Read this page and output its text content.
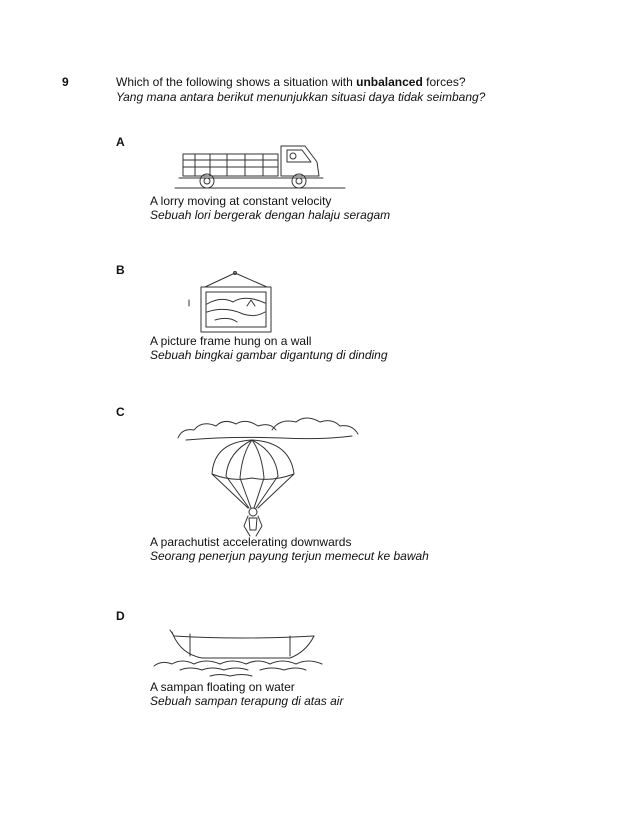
9	Which of the following shows a situation with unbalanced forces?
Yang mana antara berikut menunjukkan situasi daya tidak seimbang?
A
A lorry moving at constant velocity
Sebuah lori bergerak dengan halaju seragam
B
A picture frame hung on a wall
Sebuah bingkai gambar digantung di dinding
C
A parachutist accelerating downwards
Seorang penerjun payung terjun memecut ke bawah
D
A sampan floating on water
Sebuah sampan terapung di atas air
